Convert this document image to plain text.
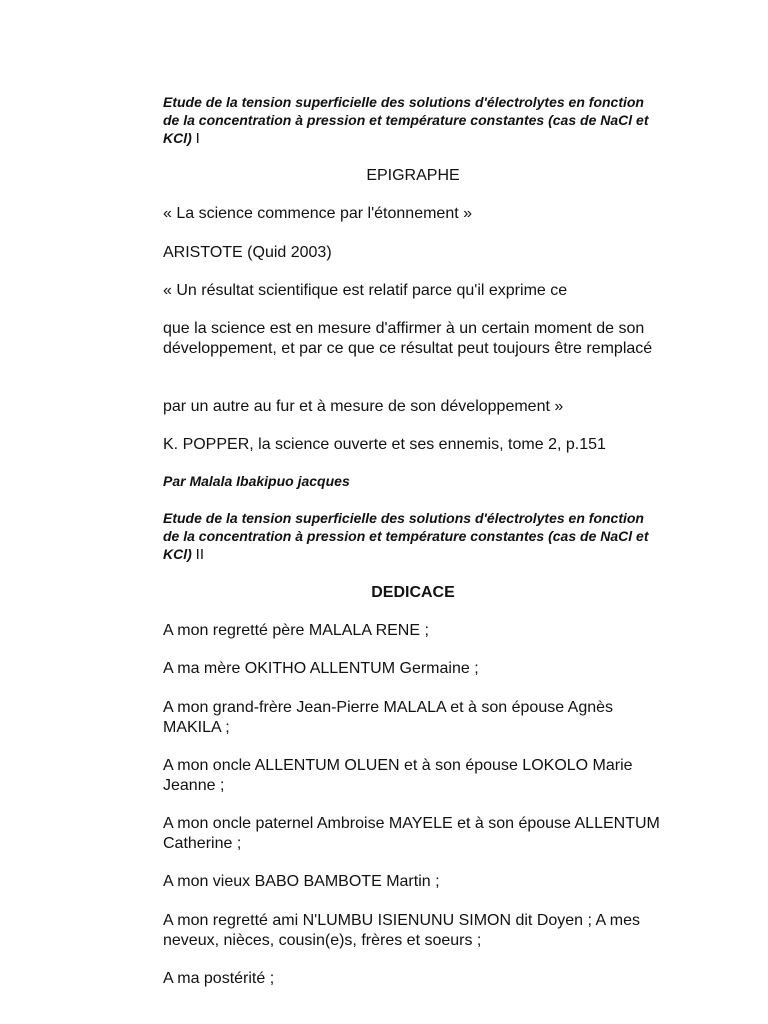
Etude de la tension superficielle des solutions d'électrolytes en fonction de la concentration à pression et température constantes (cas de NaCl et KCl) I

EPIGRAPHE

« La science commence par l'étonnement »

ARISTOTE (Quid 2003)

« Un résultat scientifique est relatif parce qu'il exprime ce

que la science est en mesure d'affirmer à un certain moment de son développement, et par ce que ce résultat peut toujours être remplacé

par un autre au fur et à mesure de son développement »

K. POPPER, la science ouverte et ses ennemis, tome 2, p.151

Par Malala Ibakipuo jacques

Etude de la tension superficielle des solutions d'électrolytes en fonction de la concentration à pression et température constantes (cas de NaCl et KCl) II

DEDICACE

A mon regretté père MALALA RENE ;

A ma mère OKITHO ALLENTUM Germaine ;

A mon grand-frère Jean-Pierre MALALA et à son épouse Agnès MAKILA ;

A mon oncle ALLENTUM OLUEN et à son épouse LOKOLO Marie Jeanne ;

A mon oncle paternel Ambroise MAYELE et à son épouse ALLENTUM Catherine ;

A mon vieux BABO BAMBOTE Martin ;

A mon regretté ami N'LUMBU ISIENUNU SIMON dit Doyen ; A mes neveux, nièces, cousin(e)s, frères et soeurs ;

A ma postérité ;
